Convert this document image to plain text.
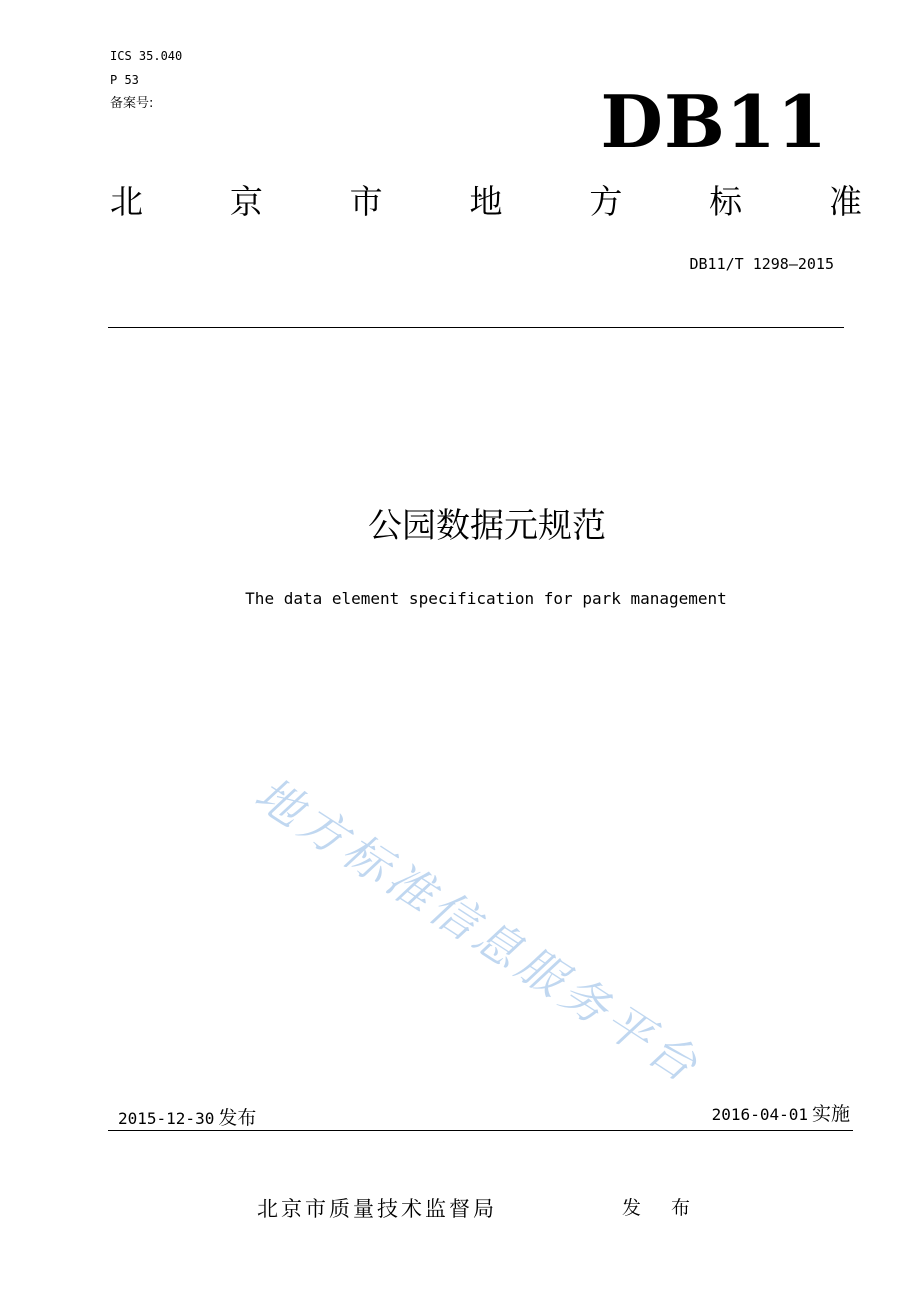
ICS 35.040
P 53
备案号:	DB11
北	京	市	地	方	标	准
DB11/T 1298—2015
公园数据元规范
The data element specification for park management
地方标准信息服务平台
2015-12-30 发布	2016-04-01 实施
北京市质量技术监督局	发 布
